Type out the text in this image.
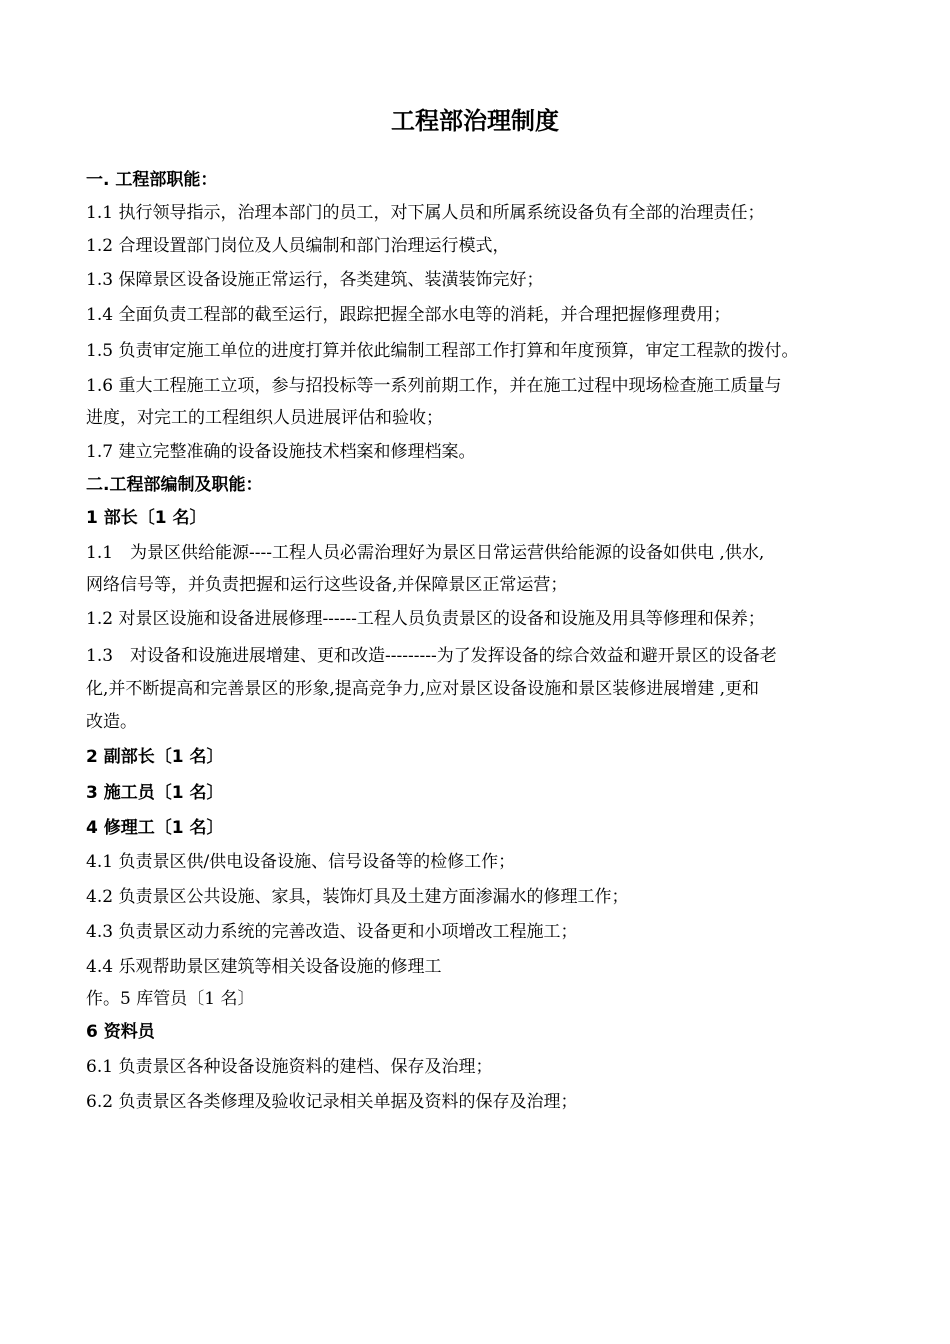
工程部治理制度
一. 工程部职能：
1.1 执行领导指示，治理本部门的员工，对下属人员和所属系统设备负有全部的治理责任；
1.2 合理设置部门岗位及人员编制和部门治理运行模式，
1.3 保障景区设备设施正常运行，各类建筑、装潢装饰完好；
1.4 全面负责工程部的截至运行，跟踪把握全部水电等的消耗，并合理把握修理费用；
1.5 负责审定施工单位的进度打算并依此编制工程部工作打算和年度预算，审定工程款的拨付。
1.6 重大工程施工立项，参与招投标等一系列前期工作，并在施工过程中现场检查施工质量与
进度，对完工的工程组织人员进展评估和验收；
1.7 建立完整准确的设备设施技术档案和修理档案。
二.工程部编制及职能：
1 部长〔1 名〕
1.1　为景区供给能源----工程人员必需治理好为景区日常运营供给能源的设备如供电 ,供水,
网络信号等，并负责把握和运行这些设备,并保障景区正常运营；
1.2 对景区设施和设备进展修理------工程人员负责景区的设备和设施及用具等修理和保养；
1.3　对设备和设施进展增建、更和改造---------为了发挥设备的综合效益和避开景区的设备老
化,并不断提高和完善景区的形象,提高竞争力,应对景区设备设施和景区装修进展增建 ,更和
改造。
2 副部长〔1 名〕
3 施工员〔1 名〕
4 修理工〔1 名〕
4.1 负责景区供/供电设备设施、信号设备等的检修工作；
4.2 负责景区公共设施、家具，装饰灯具及土建方面渗漏水的修理工作；
4.3 负责景区动力系统的完善改造、设备更和小项增改工程施工；
4.4 乐观帮助景区建筑等相关设备设施的修理工
作。5 库管员〔1 名〕
6 资料员
6.1 负责景区各种设备设施资料的建档、保存及治理；
6.2 负责景区各类修理及验收记录相关单据及资料的保存及治理；
